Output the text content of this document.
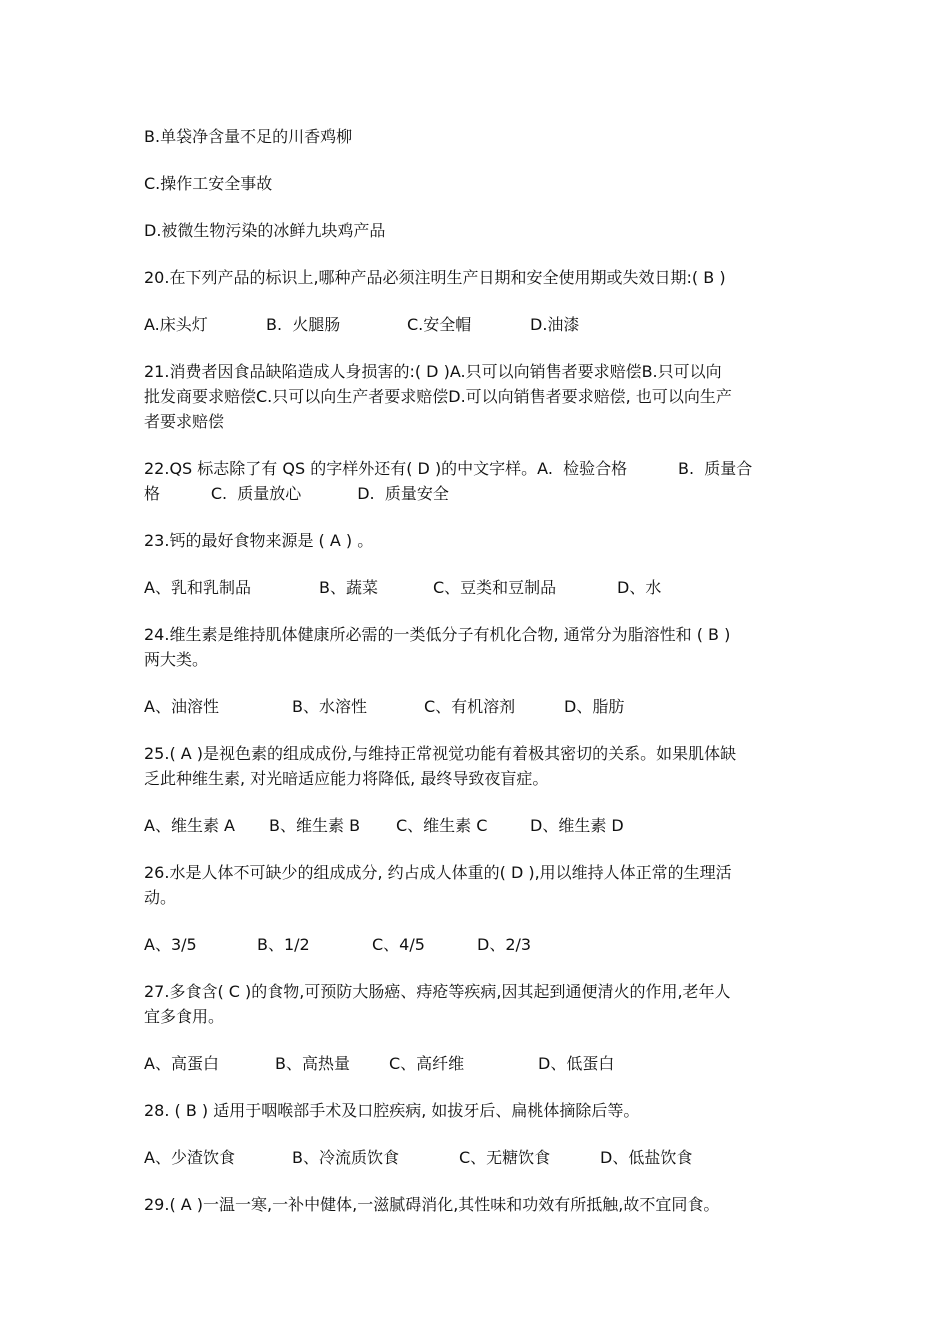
B.单袋净含量不足的川香鸡柳
C.操作工安全事故
D.被微生物污染的冰鲜九块鸡产品
20.在下列产品的标识上,哪种产品必须注明生产日期和安全使用期或失效日期:( B )
A.床头灯	B.  火腿肠	C.安全帽	D.油漆
21.消费者因食品缺陷造成人身损害的:( D )A.只可以向销售者要求赔偿B.只可以向
批发商要求赔偿C.只可以向生产者要求赔偿D.可以向销售者要求赔偿, 也可以向生产
者要求赔偿
22.QS 标志除了有 QS 的字样外还有( D )的中文字样。A.  检验合格          B.  质量合
格          C.  质量放心           D.  质量安全
23.钙的最好食物来源是 ( A ) 。
A、乳和乳制品	B、蔬菜	C、豆类和豆制品	D、水
24.维生素是维持肌体健康所必需的一类低分子有机化合物, 通常分为脂溶性和 ( B )
两大类。
A、油溶性	B、水溶性	C、有机溶剂	D、脂肪
25.( A )是视色素的组成成份,与维持正常视觉功能有着极其密切的关系。如果肌体缺
乏此种维生素, 对光暗适应能力将降低, 最终导致夜盲症。
A、维生素 A B、维生素 B C、维生素 C	D、维生素 D
26.水是人体不可缺少的组成成分, 约占成人体重的( D ),用以维持人体正常的生理活
动。
A、3/5	B、1/2	C、4/5	D、2/3
27.多食含( C )的食物,可预防大肠癌、痔疮等疾病,因其起到通便清火的作用,老年人
宜多食用。
A、高蛋白	B、高热量 C、高纤维	D、低蛋白
28. ( B ) 适用于咽喉部手术及口腔疾病, 如拔牙后、扁桃体摘除后等。
A、少渣饮食	B、冷流质饮食	C、无糖饮食	D、低盐饮食
29.( A )一温一寒,一补中健体,一滋腻碍消化,其性味和功效有所抵触,故不宜同食。
